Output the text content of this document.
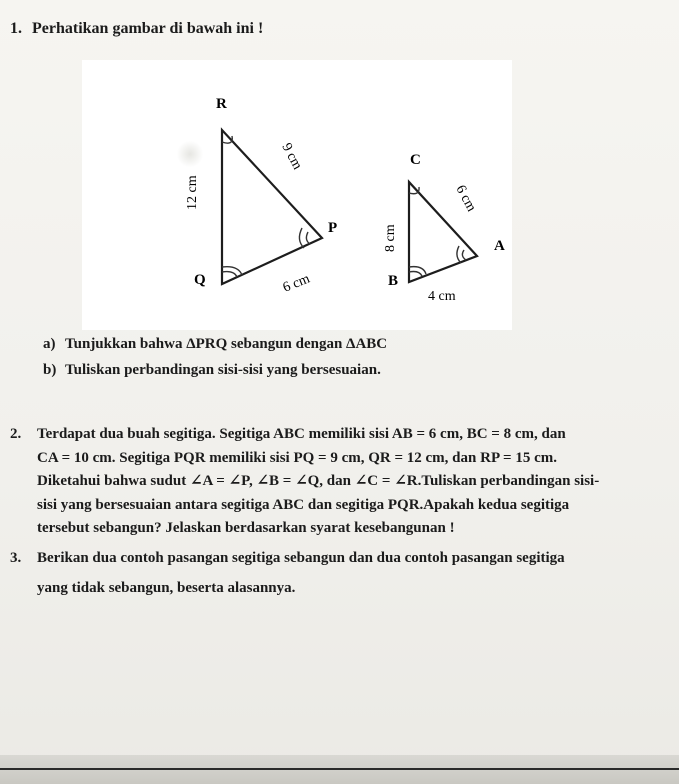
1. Perhatikan gambar di bawah ini !
R
Q
P
9 cm
12 cm
6 cm
C
B
A
6 cm
8 cm
4 cm
a) Tunjukkan bahwa ΔPRQ sebangun dengan ΔABC
b) Tuliskan perbandingan sisi-sisi yang bersesuaian.
2. Terdapat dua buah segitiga. Segitiga ABC memiliki sisi AB = 6 cm, BC = 8 cm, dan
CA = 10 cm. Segitiga PQR memiliki sisi PQ = 9 cm, QR = 12 cm, dan RP = 15 cm.
Diketahui bahwa sudut ∠A = ∠P, ∠B = ∠Q, dan ∠C = ∠R.Tuliskan perbandingan sisi-
sisi yang bersesuaian antara segitiga ABC dan segitiga PQR.Apakah kedua segitiga
tersebut sebangun? Jelaskan berdasarkan syarat kesebangunan !
3. Berikan dua contoh pasangan segitiga sebangun dan dua contoh pasangan segitiga
yang tidak sebangun, beserta alasannya.
